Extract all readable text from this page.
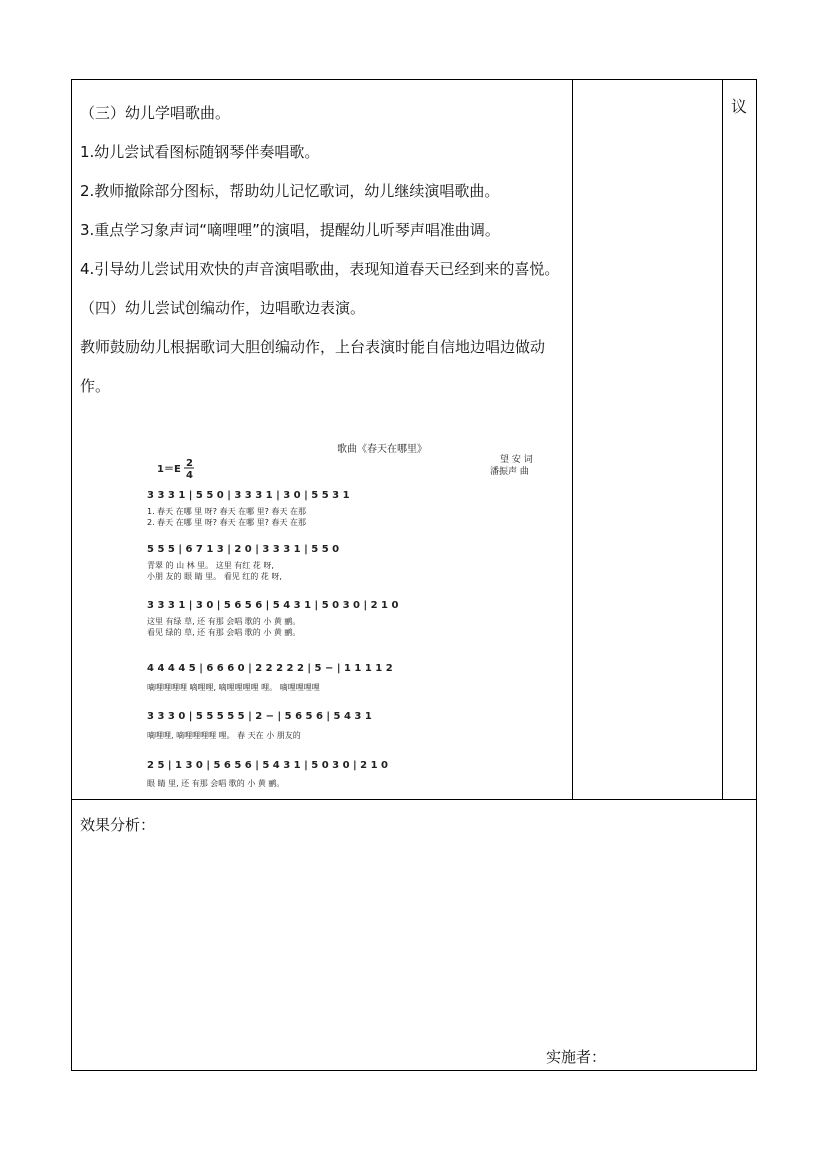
议

（三）幼儿学唱歌曲。

1.幼儿尝试看图标随钢琴伴奏唱歌。

2.教师撤除部分图标，帮助幼儿记忆歌词，幼儿继续演唱歌曲。

3.重点学习象声词“嘀哩哩”的演唱，提醒幼儿听琴声唱准曲调。

4.引导幼儿尝试用欢快的声音演唱歌曲，表现知道春天已经到来的喜悦。

（四）幼儿尝试创编动作，边唱歌边表演。

教师鼓励幼儿根据歌词大胆创编动作，上台表演时能自信地边唱边做动作。

歌曲《春天在哪里》
1＝E
2
4
望 安 词
潘振声 曲
3 3 3 1 | 5 5 0 | 3 3 3 1 | 3 0 | 5 5 3 1
1. 春天 在哪 里 呀? 春天 在哪 里? 春天 在那
2. 春天 在哪 里 呀? 春天 在哪 里? 春天 在那
5 5 5 | 6 7 1 3 | 2 0 | 3 3 3 1 | 5 5 0
青翠 的 山 林 里。 这里 有红 花 呀,
小朋 友的 眼 睛 里。 看见 红的 花 呀,
3 3 3 1 | 3 0 | 5 6 5 6 | 5 4 3 1 | 5 0 3 0 | 2 1 0
这里 有绿 草, 还 有那 会唱 歌的 小 黄 鹂。
看见 绿的 草, 还 有那 会唱 歌的 小 黄 鹂。
4 4 4 4 5 | 6 6 6 0 | 2 2 2 2 2 | 5 − | 1 1 1 1 2
嘀哩哩哩哩 嘀哩哩, 嘀哩哩哩哩 哩。 嘀哩哩哩哩
3 3 3 0 | 5 5 5 5 5 | 2 − | 5 6 5 6 | 5 4 3 1
嘀哩哩, 嘀哩哩哩哩 哩。 春 天在 小 朋友的
2 5 | 1 3 0 | 5 6 5 6 | 5 4 3 1 | 5 0 3 0 | 2 1 0
眼 睛 里, 还 有那 会唱 歌的 小 黄 鹂。
效果分析：
实施者：
